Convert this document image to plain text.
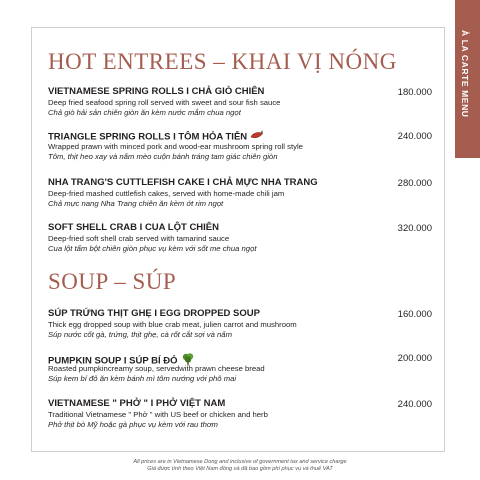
À LA CARTE MENU
HOT ENTREES – KHAI VỊ NÓNG
VIETNAMESE SPRING ROLLS I CHẢ GIÒ CHIÊN
Deep fried seafood spring roll served with sweet and sour fish sauce
Chả giò hải sản chiên giòn ăn kèm nước mắm chua ngọt
180.000
TRIANGLE SPRING ROLLS I TÔM HỎA TIỄN
Wrapped prawn with minced pork and wood-ear mushroom spring roll style
Tôm, thịt heo xay và nấm mèo cuộn bánh tráng tam giác chiên giòn
240.000
NHA TRANG'S CUTTLEFISH CAKE I CHẢ MỰC NHA TRANG
Deep-fried mashed cuttlefish cakes, served with home-made chili jam
Chả mực nang Nha Trang chiên ăn kèm ớt rim ngọt
280.000
SOFT SHELL CRAB I CUA LỘT CHIÊN
Deep-fried soft shell crab served with tamarind sauce
Cua lột tẩm bột chiên giòn phục vụ kèm với sốt me chua ngọt
320.000
SOUP – SÚP
SÚP TRỨNG THỊT GHẸ I EGG DROPPED SOUP
Thick egg dropped soup with blue crab meat, julien carrot and mushroom
Súp nước cốt gà, trứng, thịt ghẹ, cà rốt cắt sợi và nấm
160.000
PUMPKIN SOUP I SÚP BÍ ĐỎ
Roasted pumpkincreamy soup, servedwith prawn cheese bread
Súp kem bí đỏ ăn kèm bánh mì tôm nướng với phô mai
200.000
VIETNAMESE " PHỞ " I PHỞ VIỆT NAM
Traditional Vietnamese " Phở " with US beef or chicken and herb
Phở thịt bò Mỹ hoặc gà phục vụ kèm với rau thơm
240.000
All prices are in Vietnamese Dong and inclusive of government tax and service charge
Giá được tính theo Việt Nam đồng và đã bao gồm phí phục vụ và thuế VAT
